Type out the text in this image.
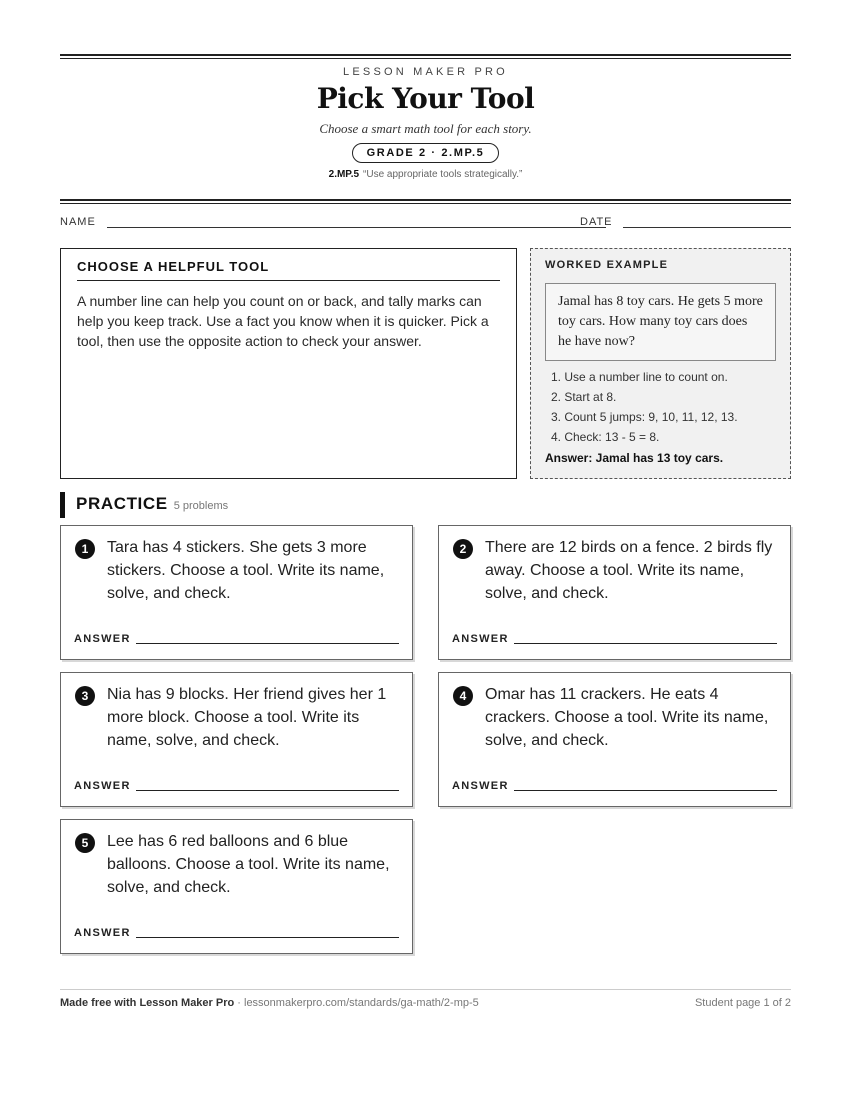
LESSON MAKER PRO
Pick Your Tool
Choose a smart math tool for each story.
GRADE 2 · 2.MP.5
2.MP.5 “Use appropriate tools strategically.”
NAME	DATE
CHOOSE A HELPFUL TOOL

A number line can help you count on or back, and tally marks can help you keep track. Use a fact you know when it is quicker. Pick a tool, then use the opposite action to check your answer.

WORKED EXAMPLE
Jamal has 8 toy cars. He gets 5 more toy cars. How many toy cars does he have now?
1. Use a number line to count on.
2. Start at 8.
3. Count 5 jumps: 9, 10, 11, 12, 13.
4. Check: 13 - 5 = 8.
Answer: Jamal has 13 toy cars.
PRACTICE 5 problems
1	Tara has 4 stickers. She gets 3 more stickers. Choose a tool. Write its name, solve, and check.
ANSWER
2	There are 12 birds on a fence. 2 birds fly away. Choose a tool. Write its name, solve, and check.
ANSWER
3	Nia has 9 blocks. Her friend gives her 1 more block. Choose a tool. Write its name, solve, and check.
ANSWER
4	Omar has 11 crackers. He eats 4 crackers. Choose a tool. Write its name, solve, and check.
ANSWER
5	Lee has 6 red balloons and 6 blue balloons. Choose a tool. Write its name, solve, and check.
ANSWER
Made free with Lesson Maker Pro · lessonmakerpro.com/standards/ga-math/2-mp-5	Student page 1 of 2
